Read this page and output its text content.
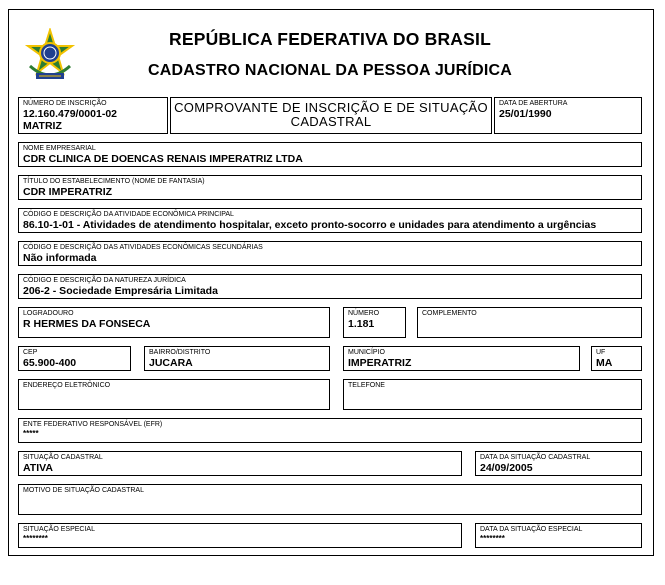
REPÚBLICA FEDERATIVA DO BRASIL
CADASTRO NACIONAL DA PESSOA JURÍDICA
NÚMERO DE INSCRIÇÃO
12.160.479/0001-02
MATRIZ
COMPROVANTE DE INSCRIÇÃO E DE SITUAÇÃO CADASTRAL
DATA DE ABERTURA
25/01/1990
NOME EMPRESARIAL
CDR CLINICA DE DOENCAS RENAIS IMPERATRIZ LTDA
TÍTULO DO ESTABELECIMENTO (NOME DE FANTASIA)
CDR IMPERATRIZ
CÓDIGO E DESCRIÇÃO DA ATIVIDADE ECONÔMICA PRINCIPAL
86.10-1-01 - Atividades de atendimento hospitalar, exceto pronto-socorro e unidades para atendimento a urgências
CÓDIGO E DESCRIÇÃO DAS ATIVIDADES ECONÔMICAS SECUNDÁRIAS
Não informada
CÓDIGO E DESCRIÇÃO DA NATUREZA JURÍDICA
206-2 - Sociedade Empresária Limitada
LOGRADOURO
R HERMES DA FONSECA
NÚMERO
1.181
COMPLEMENTO
CEP
65.900-400
BAIRRO/DISTRITO
JUCARA
MUNICÍPIO
IMPERATRIZ
UF
MA
ENDEREÇO ELETRÔNICO	TELEFONE
ENTE FEDERATIVO RESPONSÁVEL (EFR)
*****
SITUAÇÃO CADASTRAL
ATIVA
DATA DA SITUAÇÃO CADASTRAL
24/09/2005
MOTIVO DE SITUAÇÃO CADASTRAL
SITUAÇÃO ESPECIAL
********
DATA DA SITUAÇÃO ESPECIAL
********
